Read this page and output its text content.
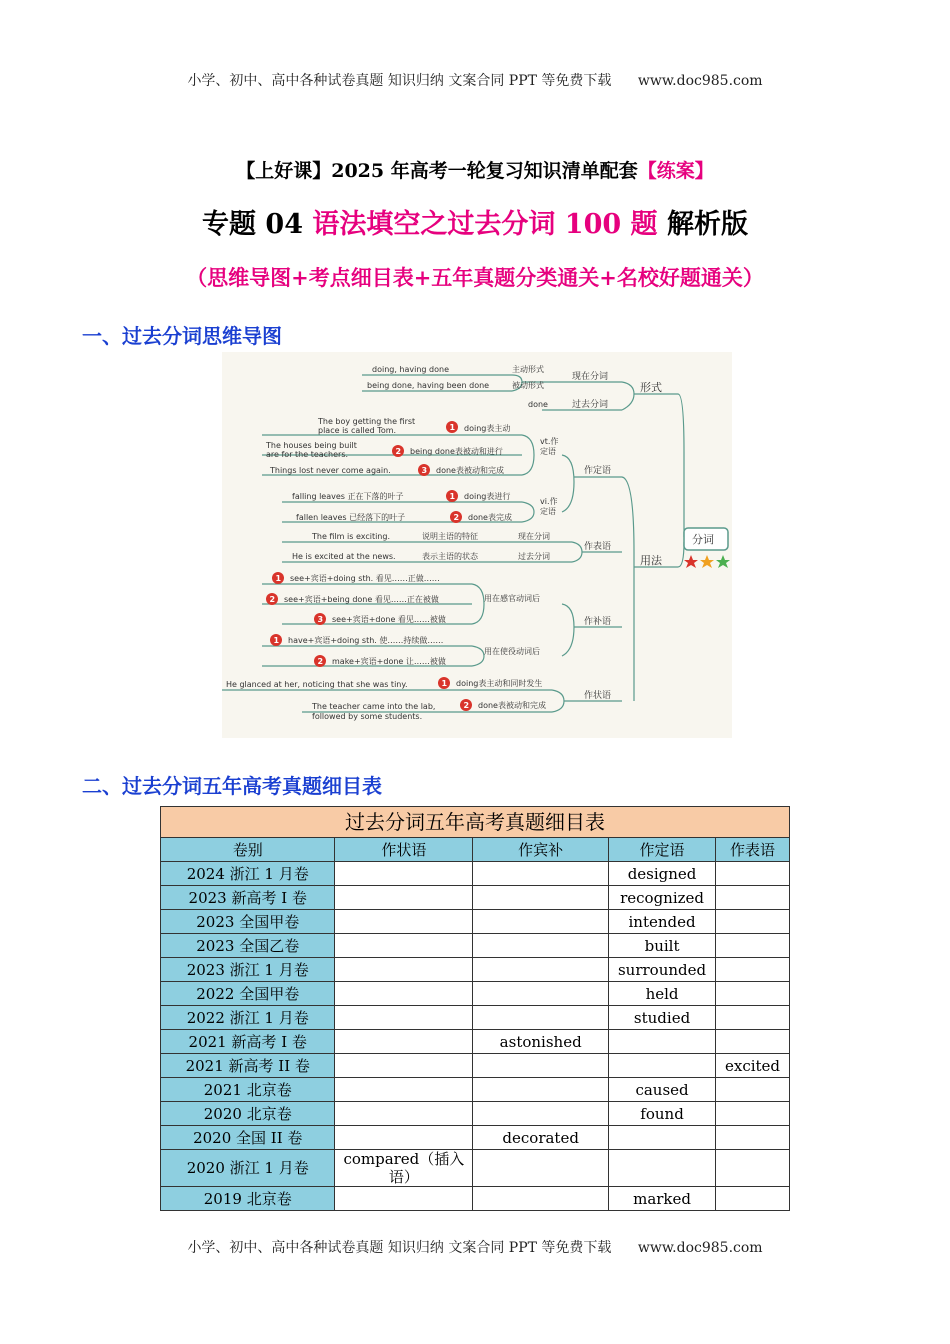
小学、初中、高中各种试卷真题 知识归纳 文案合同 PPT 等免费下载 www.doc985.com
【上好课】2025 年高考一轮复习知识清单配套【练案】
专题 04 语法填空之过去分词 100 题 解析版
（思维导图+考点细目表+五年真题分类通关+名校好题通关）
一、过去分词思维导图
doing, having done	主动形式
being done, having been done	被动形式
现在分词
done	过去分词
形式
The boy getting the first
place is called Tom.	1 doing表主动
The houses being built
are for the teachers.	2 being done表被动和进行
Things lost never come again.	3 done表被动和完成
vt.作定语
作定语
falling leaves 正在下落的叶子	1 doing表进行
fallen leaves 已经落下的叶子	2 done表完成
vi.作定语
The film is exciting.	说明主语的特征	现在分词
He is excited at the news.	表示主语的状态	过去分词
作表语
1 see+宾语+doing sth. 看见……正做……
2 see+宾语+being done 看见……正在被做
3 see+宾语+done 看见……被做
用在感官动词后
1 have+宾语+doing sth. 使……持续做……
2 make+宾语+done 让……被做
用在使役动词后
作补语
He glanced at her, noticing that she was tiny.	1 doing表主动和同时发生
The teacher came into the lab,
followed by some students.
2 done表被动和完成
作状语
用法
分词
二、过去分词五年高考真题细目表
过去分词五年高考真题细目表				
卷别	作状语	作宾补	作定语	作表语
2024 浙江 1 月卷			designed	
2023 新高考 I 卷			recognized	
2023 全国甲卷			intended	
2023 全国乙卷			built	
2023 浙江 1 月卷			surrounded	
2022 全国甲卷			held	
2022 浙江 1 月卷			studied	
2021 新高考 I 卷		astonished		
2021 新高考 II 卷				excited
2021 北京卷			caused	
2020 北京卷			found	
2020 全国 II 卷		decorated		
2020 浙江 1 月卷	compared（插入语）			
2019 北京卷			marked	
小学、初中、高中各种试卷真题 知识归纳 文案合同 PPT 等免费下载 www.doc985.com
